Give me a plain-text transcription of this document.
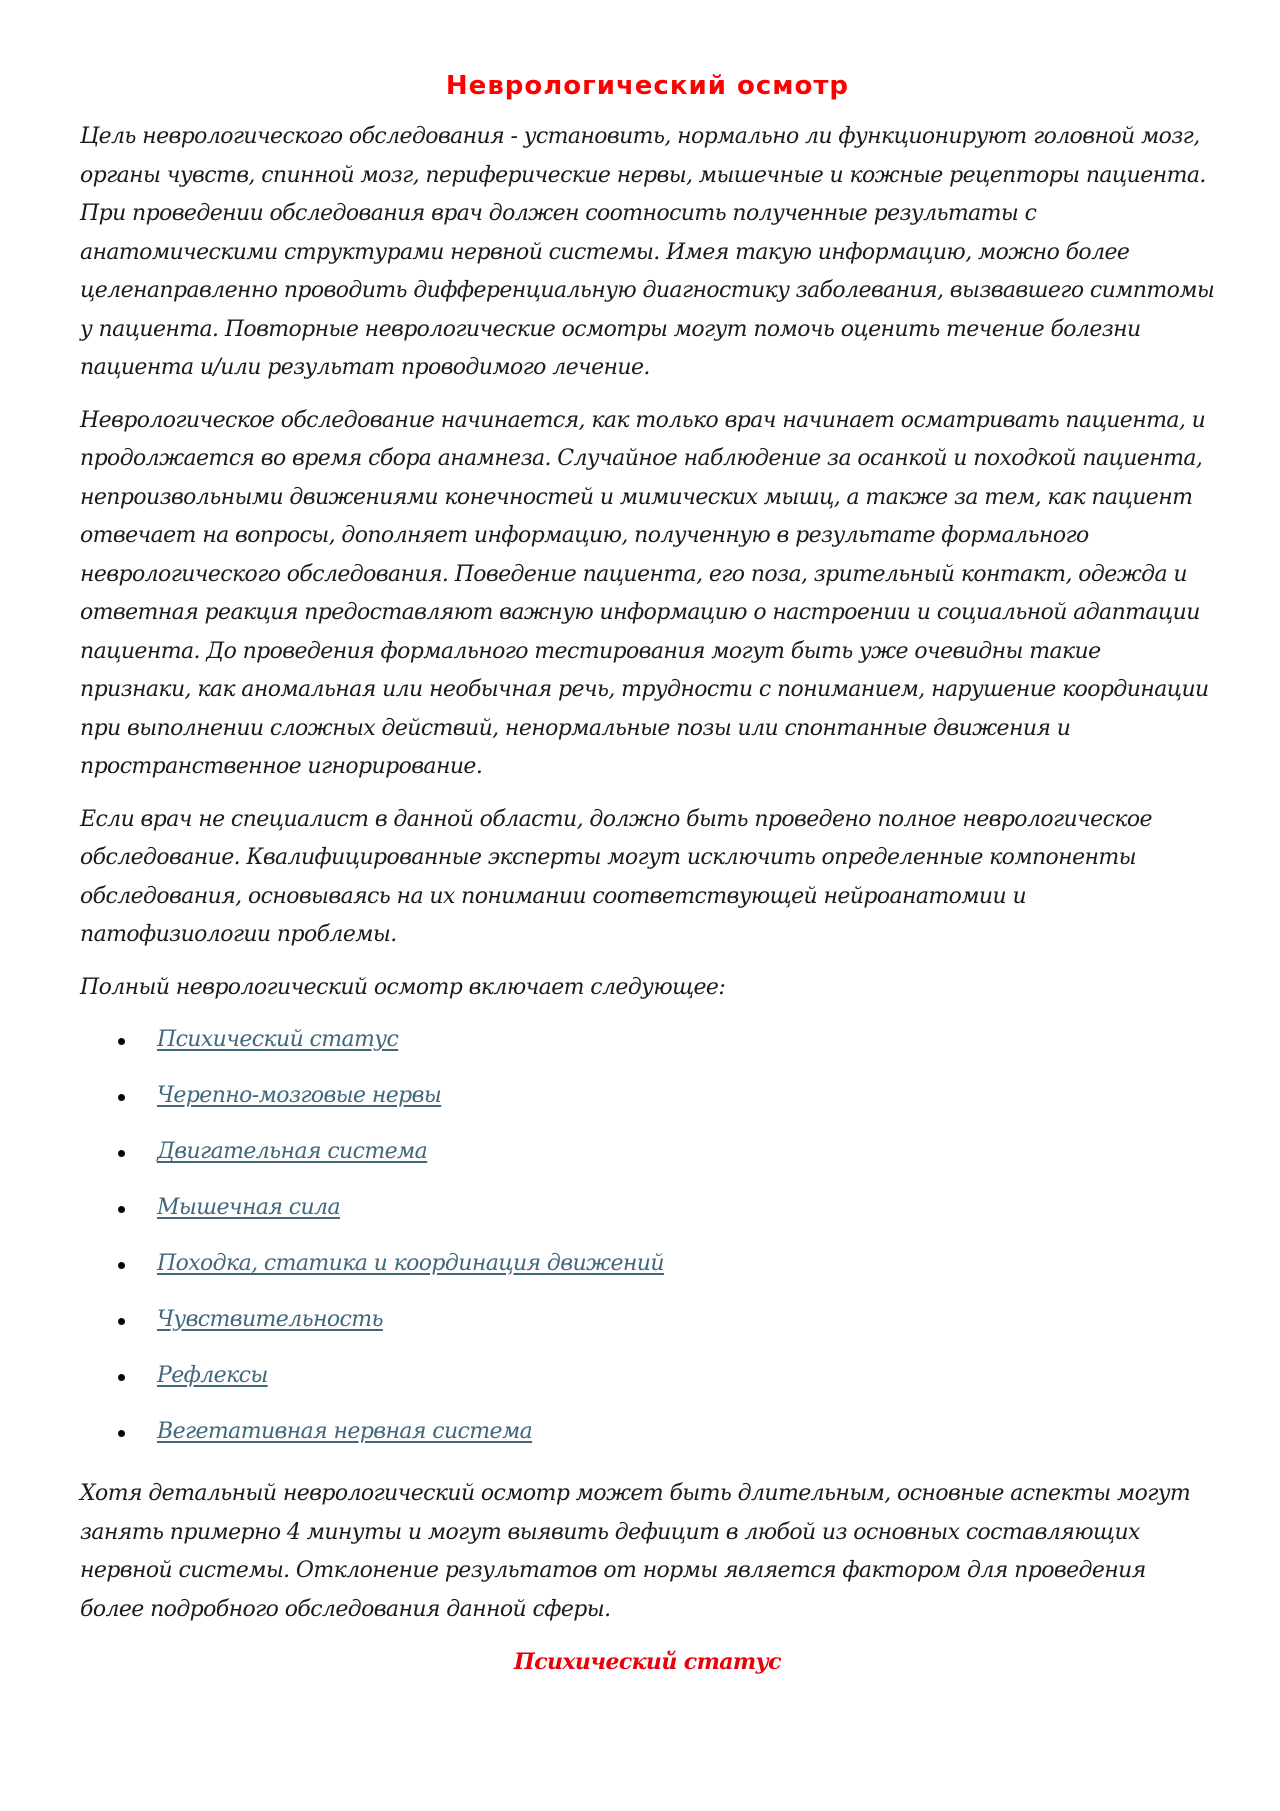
Неврологический осмотр

Цель неврологического обследования - установить, нормально ли функционируют головной мозг, органы чувств, спинной мозг, периферические нервы, мышечные и кожные рецепторы пациента. При проведении обследования врач должен соотносить полученные результаты с анатомическими структурами нервной системы. Имея такую информацию, можно более целенаправленно проводить дифференциальную диагностику заболевания, вызвавшего симптомы у пациента. Повторные неврологические осмотры могут помочь оценить течение болезни пациента и/или результат проводимого лечение.

Неврологическое обследование начинается, как только врач начинает осматривать пациента, и продолжается во время сбора анамнеза. Случайное наблюдение за осанкой и походкой пациента, непроизвольными движениями конечностей и мимических мышц, а также за тем, как пациент отвечает на вопросы, дополняет информацию, полученную в результате формального неврологического обследования. Поведение пациента, его поза, зрительный контакт, одежда и ответная реакция предоставляют важную информацию о настроении и социальной адаптации пациента. До проведения формального тестирования могут быть уже очевидны такие признаки, как аномальная или необычная речь, трудности с пониманием, нарушение координации при выполнении сложных действий, ненормальные позы или спонтанные движения и пространственное игнорирование.

Если врач не специалист в данной области, должно быть проведено полное неврологическое обследование. Квалифицированные эксперты могут исключить определенные компоненты обследования, основываясь на их понимании соответствующей нейроанатомии и патофизиологии проблемы.

Полный неврологический осмотр включает следующее:

Психический статус
Черепно-мозговые нервы
Двигательная система
Мышечная сила
Походка, статика и координация движений
Чувствительность
Рефлексы
Вегетативная нервная система

Хотя детальный неврологический осмотр может быть длительным, основные аспекты могут занять примерно 4 минуты и могут выявить дефицит в любой из основных составляющих нервной системы. Отклонение результатов от нормы является фактором для проведения более подробного обследования данной сферы.

Психический статус
